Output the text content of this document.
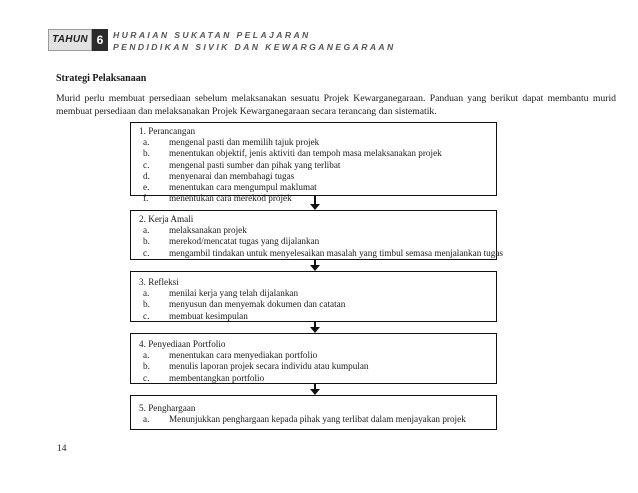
TAHUN 6	HURAIAN SUKATAN PELAJARAN
PENDIDIKAN SIVIK DAN KEWARGANEGARAAN
Strategi Pelaksanaan
Murid perlu membuat persediaan sebelum melaksanakan sesuatu Projek Kewarganegaraan. Panduan yang berikut dapat membantu murid membuat persediaan dan melaksanakan Projek Kewarganegaraan secara terancang dan sistematik.
1. Perancangan
a. mengenal pasti dan memilih tajuk projek
b. menentukan objektif, jenis aktiviti dan tempoh masa melaksanakan projek
c. mengenal pasti sumber dan pihak yang terlibat
d. menyenarai dan membahagi tugas
e. menentukan cara mengumpul maklumat
f. menentukan cara merekod projek
2. Kerja Amali
a. melaksanakan projek
b. merekod/mencatat tugas yang dijalankan
c. mengambil tindakan untuk menyelesaikan masalah yang timbul semasa menjalankan tugas
3. Refleksi
a. menilai kerja yang telah dijalankan
b. menyusun dan menyemak dokumen dan catatan
c. membuat kesimpulan
4. Penyediaan Portfolio
a. menentukan cara menyediakan portfolio
b. menulis laporan projek secara individu atau kumpulan
c. membentangkan portfolio
5. Penghargaan
a. Menunjukkan penghargaan kepada pihak yang terlibat dalam menjayakan projek
14
